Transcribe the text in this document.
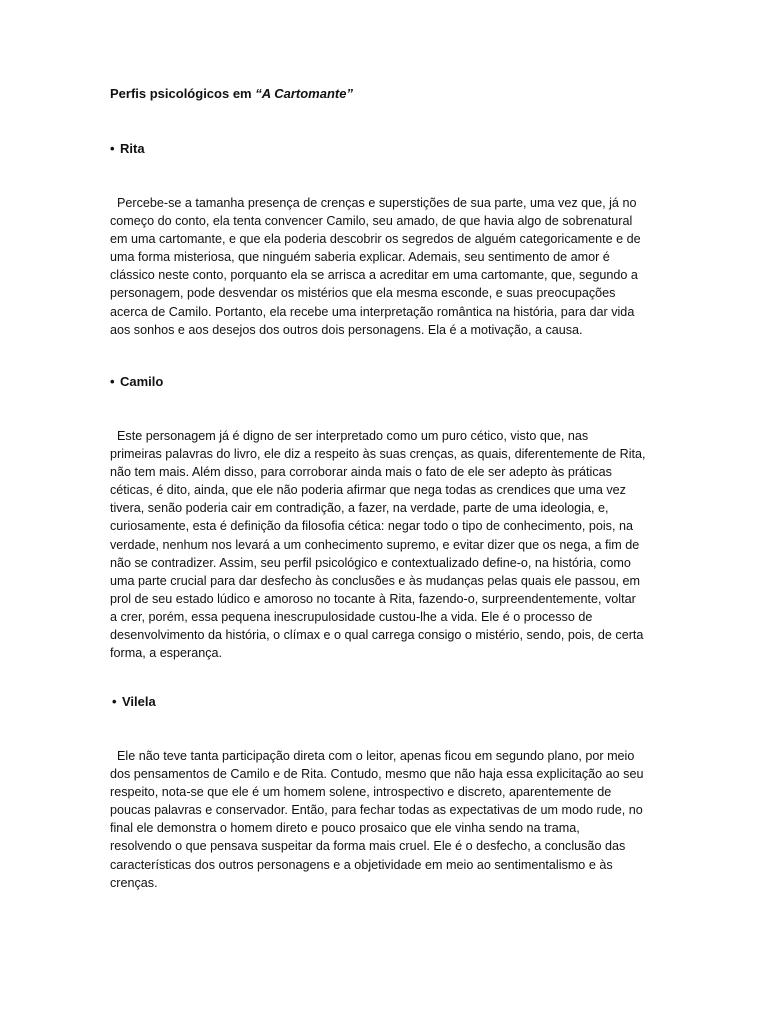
Perfis psicológicos em “A Cartomante”
• Rita

Percebe-se a tamanha presença de crenças e superstições de sua parte, uma vez que, já no
começo do conto, ela tenta convencer Camilo, seu amado, de que havia algo de sobrenatural
em uma cartomante, e que ela poderia descobrir os segredos de alguém categoricamente e de
uma forma misteriosa, que ninguém saberia explicar. Ademais, seu sentimento de amor é
clássico neste conto, porquanto ela se arrisca a acreditar em uma cartomante, que, segundo a
personagem, pode desvendar os mistérios que ela mesma esconde, e suas preocupações
acerca de Camilo. Portanto, ela recebe uma interpretação romântica na história, para dar vida
aos sonhos e aos desejos dos outros dois personagens. Ela é a motivação, a causa.

• Camilo

Este personagem já é digno de ser interpretado como um puro cético, visto que, nas
primeiras palavras do livro, ele diz a respeito às suas crenças, as quais, diferentemente de Rita,
não tem mais. Além disso, para corroborar ainda mais o fato de ele ser adepto às práticas
céticas, é dito, ainda, que ele não poderia afirmar que nega todas as crendices que uma vez
tivera, senão poderia cair em contradição, a fazer, na verdade, parte de uma ideologia, e,
curiosamente, esta é definição da filosofia cética: negar todo o tipo de conhecimento, pois, na
verdade, nenhum nos levará a um conhecimento supremo, e evitar dizer que os nega, a fim de
não se contradizer. Assim, seu perfil psicológico e contextualizado define-o, na história, como
uma parte crucial para dar desfecho às conclusões e às mudanças pelas quais ele passou, em
prol de seu estado lúdico e amoroso no tocante à Rita, fazendo-o, surpreendentemente, voltar
a crer, porém, essa pequena inescrupulosidade custou-lhe a vida. Ele é o processo de
desenvolvimento da história, o clímax e o qual carrega consigo o mistério, sendo, pois, de certa
forma, a esperança.

• Vilela

Ele não teve tanta participação direta com o leitor, apenas ficou em segundo plano, por meio
dos pensamentos de Camilo e de Rita. Contudo, mesmo que não haja essa explicitação ao seu
respeito, nota-se que ele é um homem solene, introspectivo e discreto, aparentemente de
poucas palavras e conservador. Então, para fechar todas as expectativas de um modo rude, no
final ele demonstra o homem direto e pouco prosaico que ele vinha sendo na trama,
resolvendo o que pensava suspeitar da forma mais cruel. Ele é o desfecho, a conclusão das
características dos outros personagens e a objetividade em meio ao sentimentalismo e às
crenças.
